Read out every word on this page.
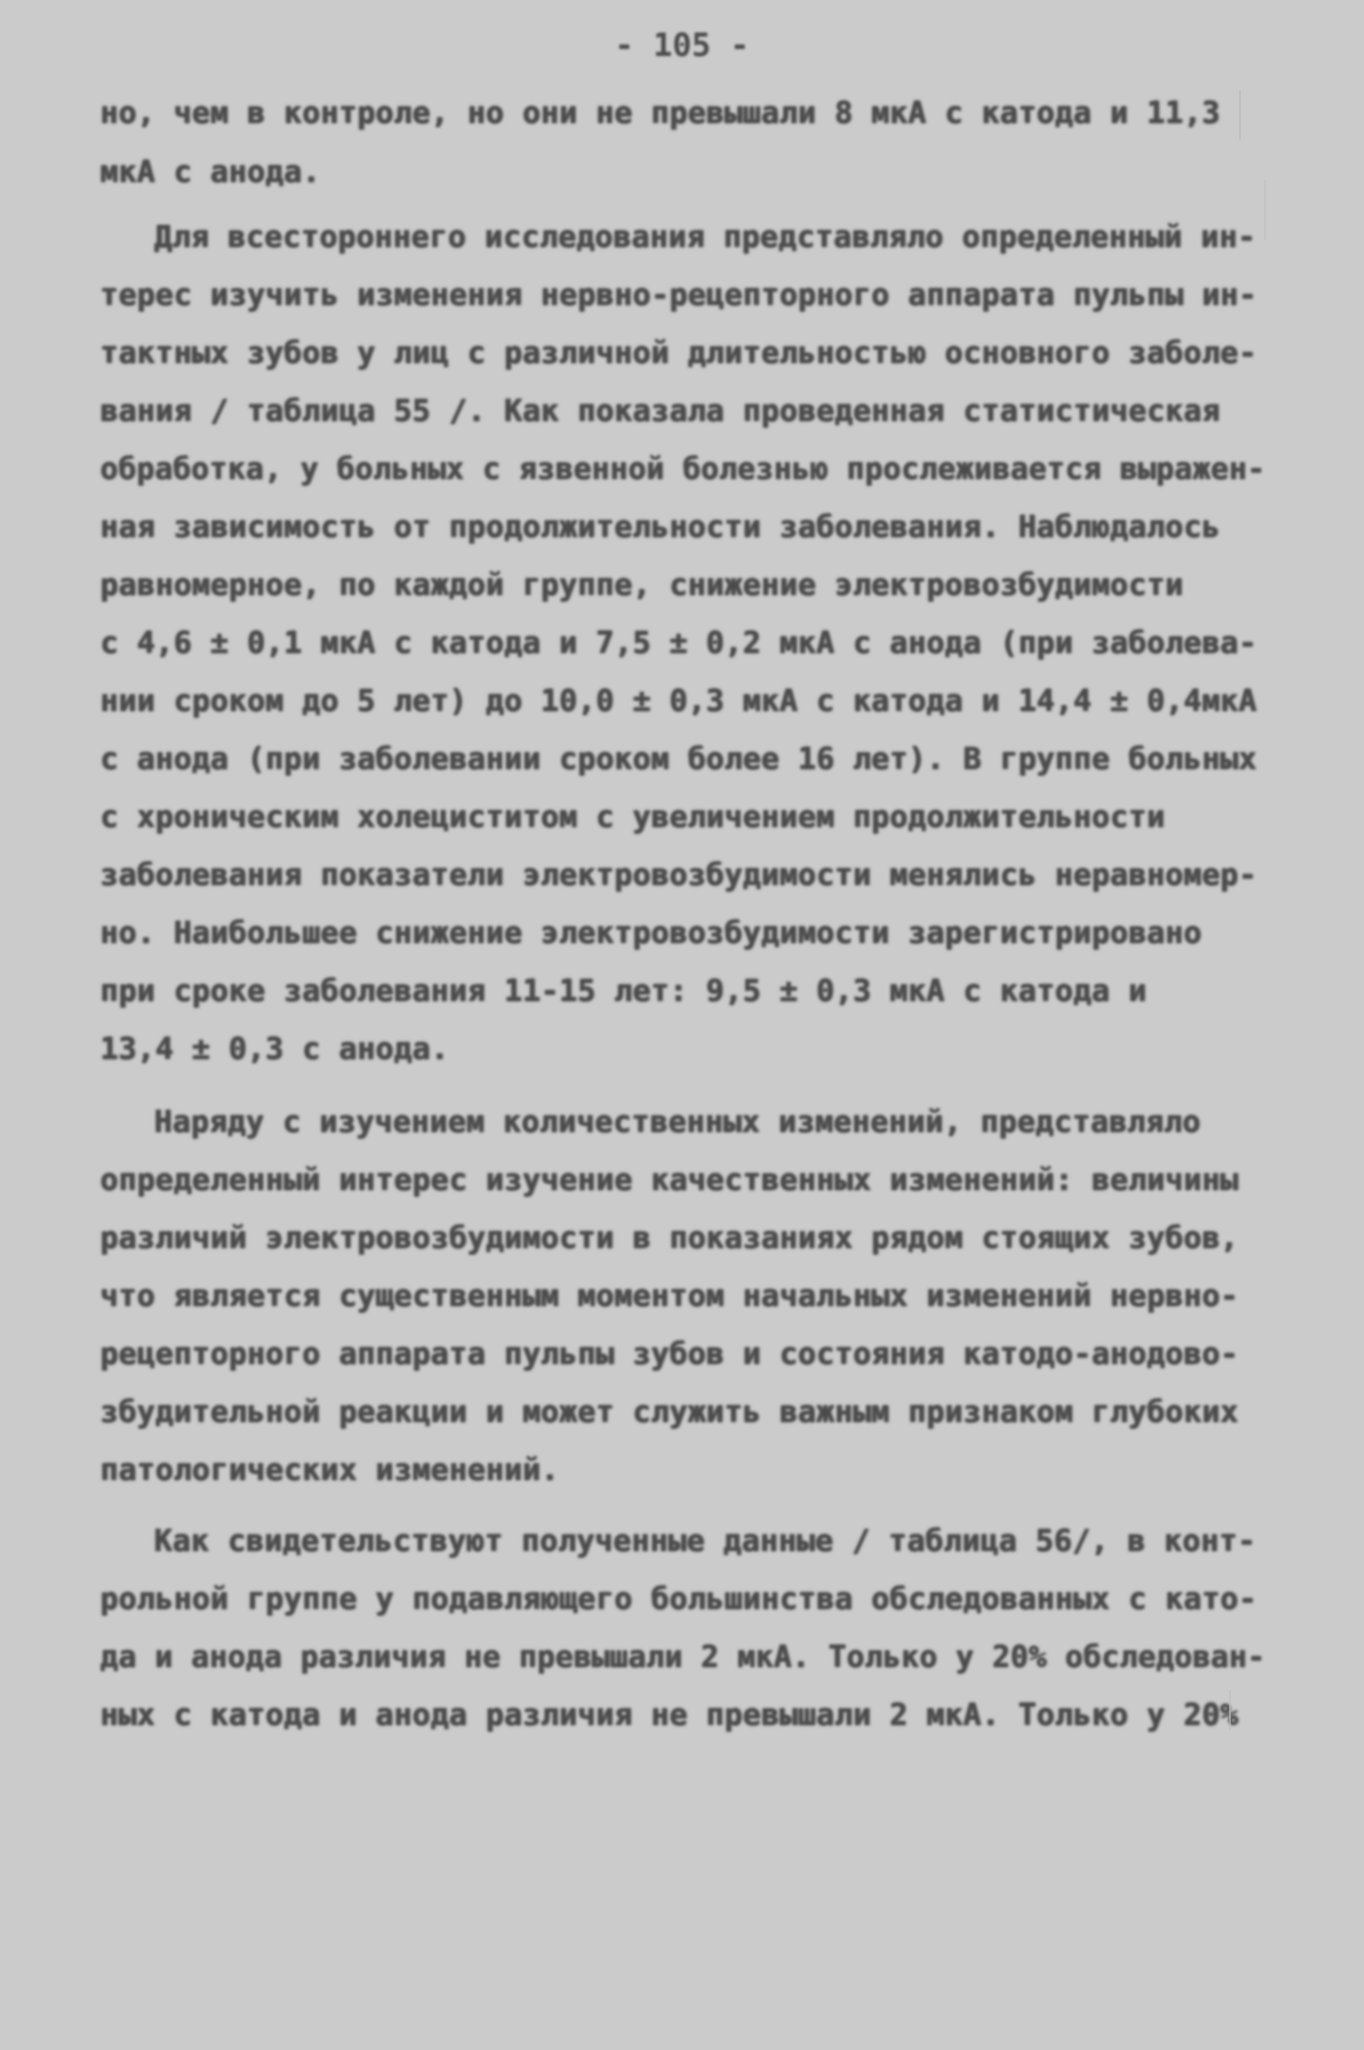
- 105 -
но, чем в контроле, но они не превышали 8 мкА с катода и 11,3
мкА с анода.
Для всестороннего исследования представляло определенный ин-
терес изучить изменения нервно-рецепторного аппарата пульпы ин-
тактных зубов у лиц с различной длительностью основного заболе-
вания / таблица 55 /. Как показала проведенная статистическая
обработка, у больных с язвенной болезнью прослеживается выражен-
ная зависимость от продолжительности заболевания. Наблюдалось
равномерное, по каждой группе, снижение электровозбудимости
с 4,6 ± 0,1 мкА с катода и 7,5 ± 0,2 мкА с анода (при заболева-
нии сроком до 5 лет) до 10,0 ± 0,3 мкА с катода и 14,4 ± 0,4мкА
с анода (при заболевании сроком более 16 лет). В группе больных
с хроническим холециститом с увеличением продолжительности
заболевания показатели электровозбудимости менялись неравномер-
но. Наибольшее снижение электровозбудимости зарегистрировано
при сроке заболевания 11-15 лет: 9,5 ± 0,3 мкА с катода и
13,4 ± 0,3 с анода.
Наряду с изучением количественных изменений, представляло
определенный интерес изучение качественных изменений: величины
различий электровозбудимости в показаниях рядом стоящих зубов,
что является существенным моментом начальных изменений нервно-
рецепторного аппарата пульпы зубов и состояния катодо-анодово-
збудительной реакции и может служить важным признаком глубоких
патологических изменений.
Как свидетельствуют полученные данные / таблица 56/, в конт-
рольной группе у подавляющего большинства обследованных с като-
да и анода различия не превышали 2 мкА. Только у 20% обследован-
ных с катода и анода различия не превышали 2 мкА. Только у 20%
